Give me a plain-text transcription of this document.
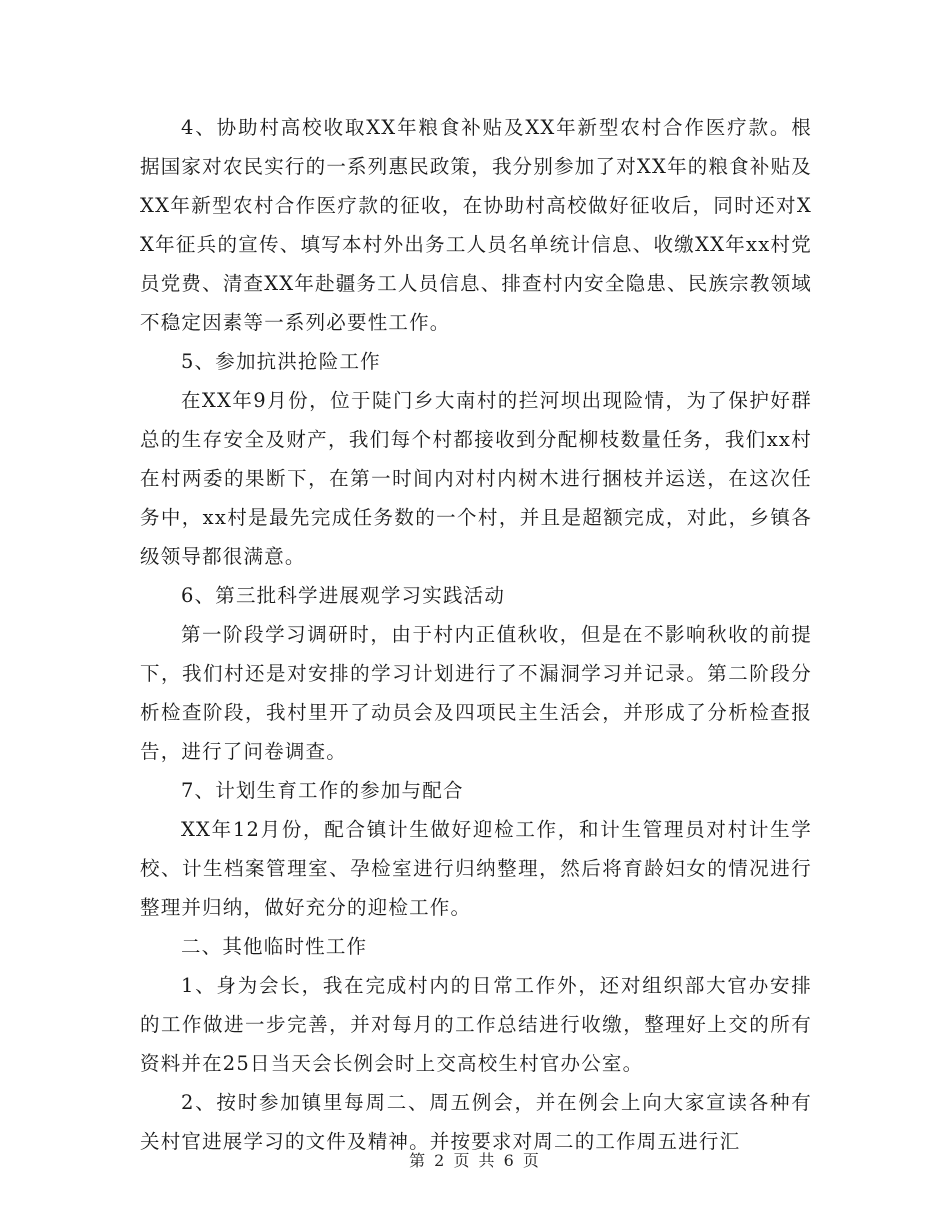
4、协助村高校收取XX年粮食补贴及XX年新型农村合作医疗款。根据国家对农民实行的一系列惠民政策，我分别参加了对XX年的粮食补贴及XX年新型农村合作医疗款的征收，在协助村高校做好征收后，同时还对XX年征兵的宣传、填写本村外出务工人员名单统计信息、收缴XX年xx村党员党费、清查XX年赴疆务工人员信息、排查村内安全隐患、民族宗教领域不稳定因素等一系列必要性工作。

5、参加抗洪抢险工作

在XX年9月份，位于陡门乡大南村的拦河坝出现险情，为了保护好群总的生存安全及财产，我们每个村都接收到分配柳枝数量任务，我们xx村在村两委的果断下，在第一时间内对村内树木进行捆枝并运送，在这次任务中，xx村是最先完成任务数的一个村，并且是超额完成，对此，乡镇各级领导都很满意。

6、第三批科学进展观学习实践活动

第一阶段学习调研时，由于村内正值秋收，但是在不影响秋收的前提下，我们村还是对安排的学习计划进行了不漏洞学习并记录。第二阶段分析检查阶段，我村里开了动员会及四项民主生活会，并形成了分析检查报告，进行了问卷调查。

7、计划生育工作的参加与配合

XX年12月份，配合镇计生做好迎检工作，和计生管理员对村计生学校、计生档案管理室、孕检室进行归纳整理，然后将育龄妇女的情况进行整理并归纳，做好充分的迎检工作。

二、其他临时性工作

1、身为会长，我在完成村内的日常工作外，还对组织部大官办安排的工作做进一步完善，并对每月的工作总结进行收缴，整理好上交的所有资料并在25日当天会长例会时上交高校生村官办公室。

2、按时参加镇里每周二、周五例会，并在例会上向大家宣读各种有关村官进展学习的文件及精神。并按要求对周二的工作周五进行汇

第 2 页 共 6 页
